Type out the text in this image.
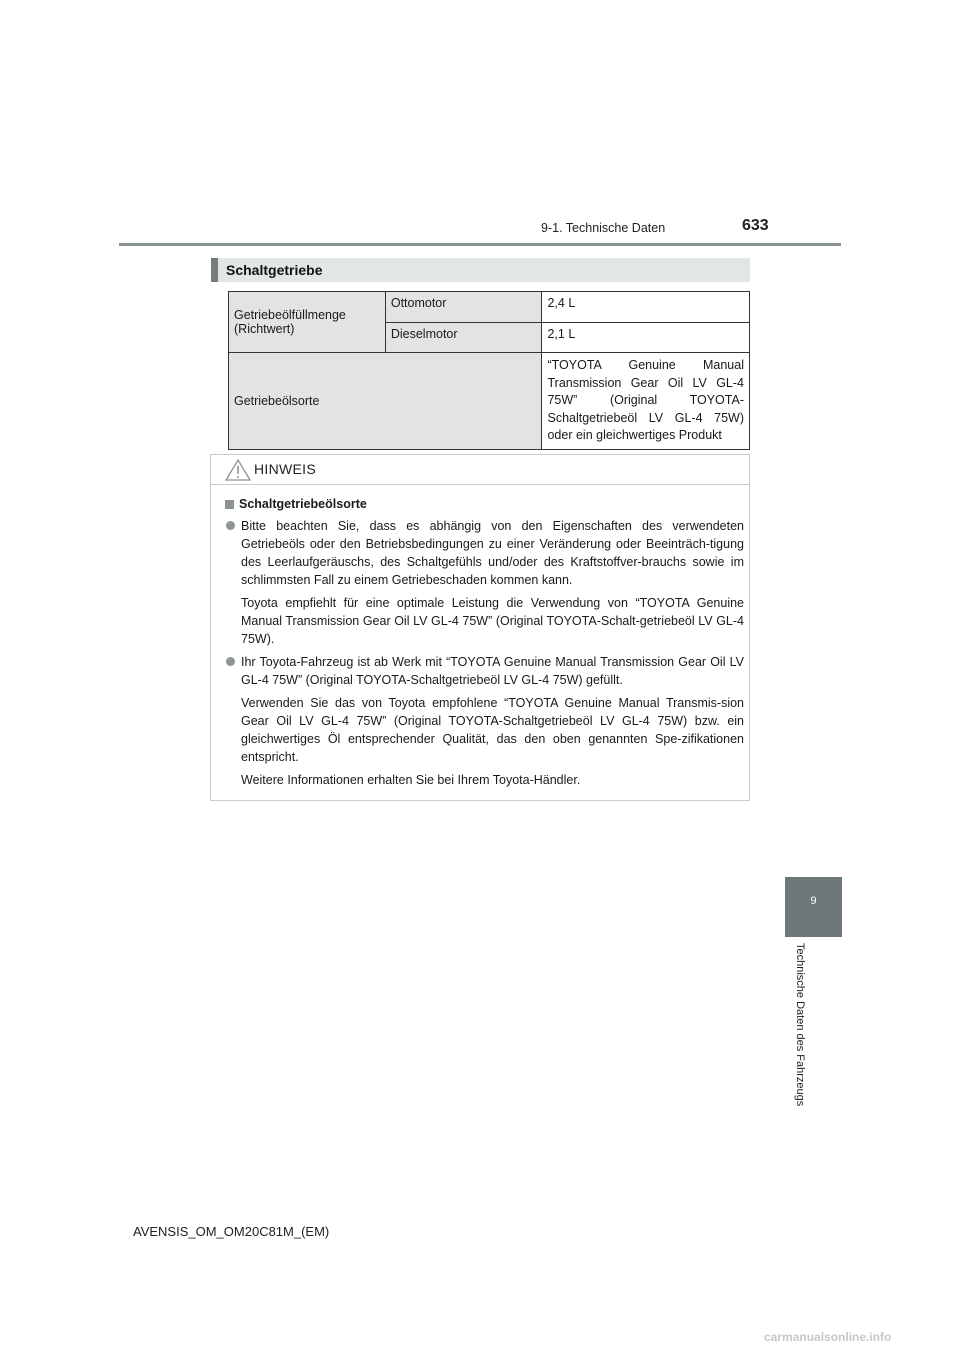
9-1. Technische Daten	633
Schaltgetriebe
Getriebeölfüllmenge (Richtwert)	Ottomotor	2,4 L
	Dieselmotor	2,1 L
Getriebeölsorte		“TOYOTA Genuine Manual Transmission Gear Oil LV GL-4 75W” (Original TOYOTA-Schaltgetriebeöl LV GL-4 75W) oder ein gleichwertiges Produkt
HINWEIS
Schaltgetriebeölsorte

Bitte beachten Sie, dass es abhängig von den Eigenschaften des verwendeten Getriebeöls oder den Betriebsbedingungen zu einer Veränderung oder Beeinträch-tigung des Leerlaufgeräuschs, des Schaltgefühls und/oder des Kraftstoffver-brauchs sowie im schlimmsten Fall zu einem Getriebeschaden kommen kann.

Toyota empfiehlt für eine optimale Leistung die Verwendung von “TOYOTA Genuine Manual Transmission Gear Oil LV GL-4 75W” (Original TOYOTA-Schalt-getriebeöl LV GL-4 75W).

Ihr Toyota-Fahrzeug ist ab Werk mit “TOYOTA Genuine Manual Transmission Gear Oil LV GL-4 75W” (Original TOYOTA-Schaltgetriebeöl LV GL-4 75W) gefüllt.

Verwenden Sie das von Toyota empfohlene “TOYOTA Genuine Manual Transmis-sion Gear Oil LV GL-4 75W” (Original TOYOTA-Schaltgetriebeöl LV GL-4 75W) bzw. ein gleichwertiges Öl entsprechender Qualität, das den oben genannten Spe-zifikationen entspricht.

Weitere Informationen erhalten Sie bei Ihrem Toyota-Händler.

9
Technische Daten des Fahrzeugs
AVENSIS_OM_OM20C81M_(EM)
carmanualsonline.info
